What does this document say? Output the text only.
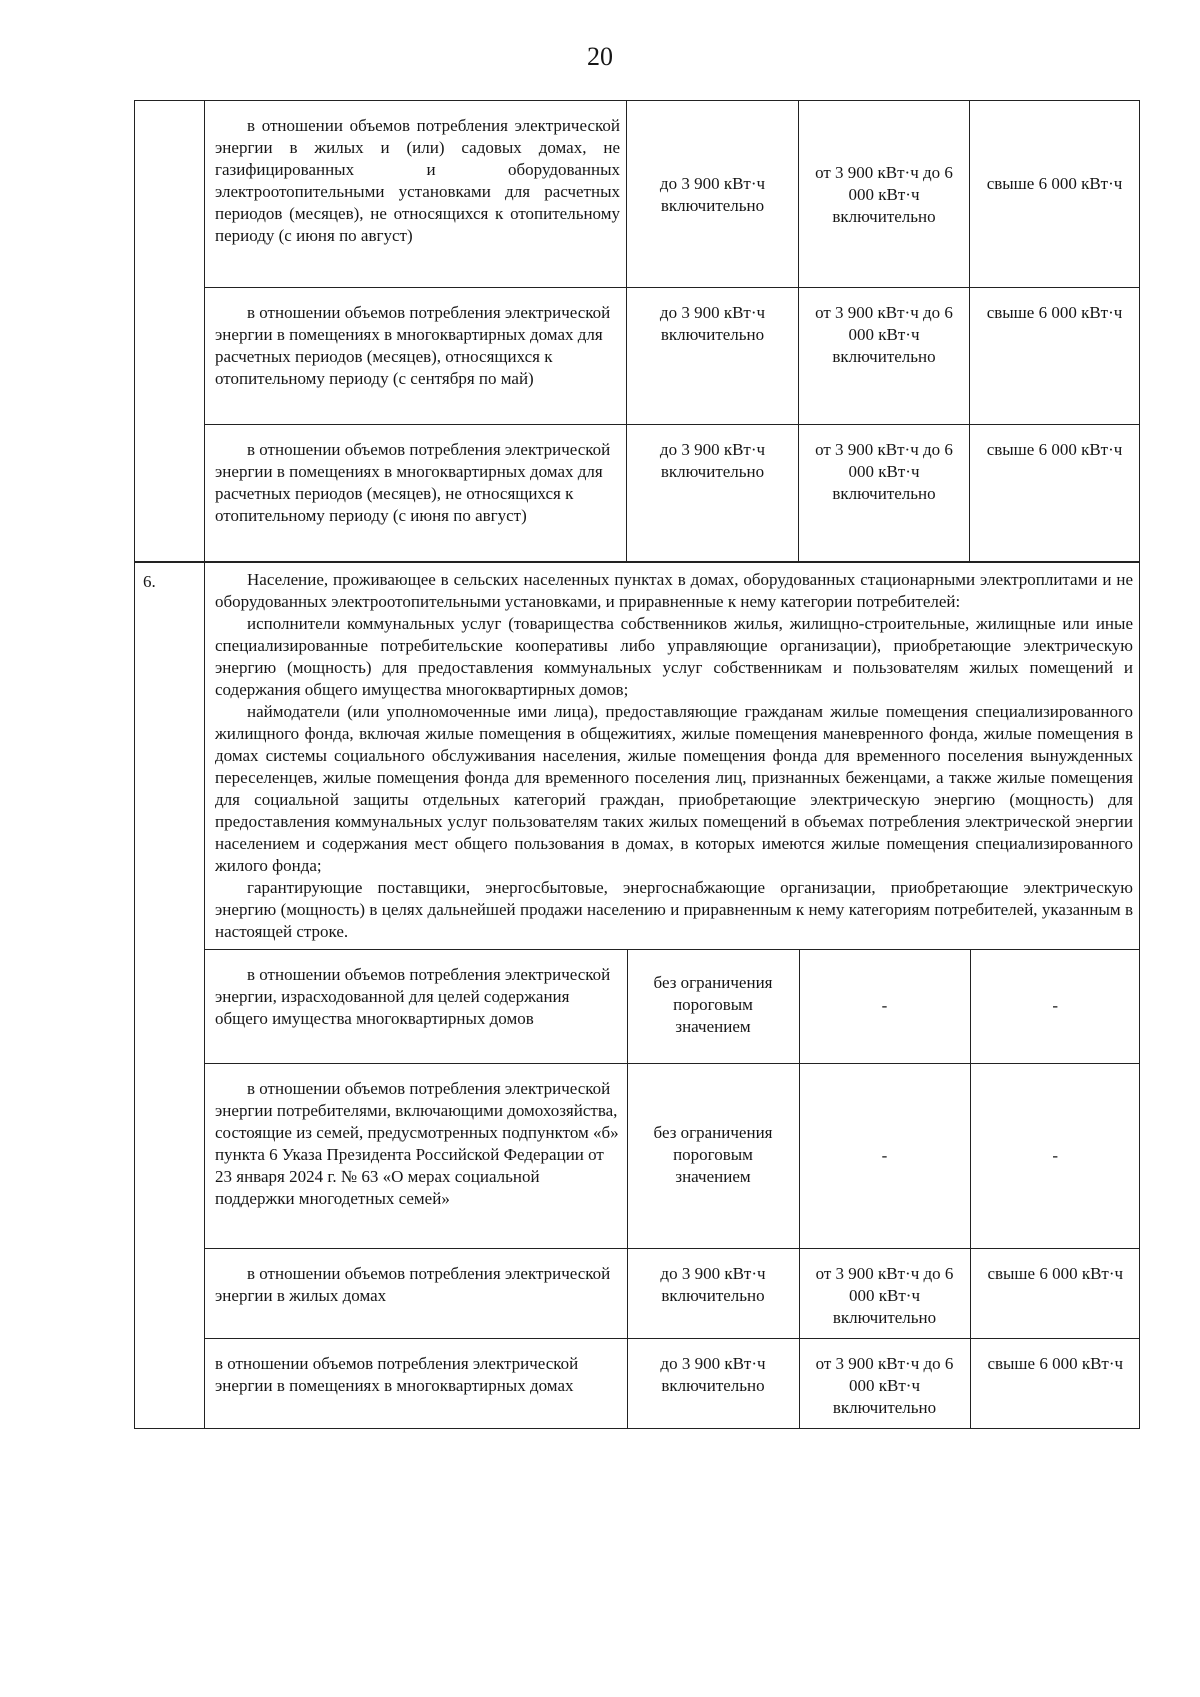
20
	в отношении объемов потребления электрической энергии в жилых и (или) садовых домах, не газифицированных и оборудованных электроотопительными установками для расчетных периодов (месяцев), не относящихся к отопительному периоду (с июня по август)	до 3 900 кВт·ч включительно	от 3 900 кВт·ч до 6 000 кВт·ч включительно	свыше 6 000 кВт·ч
	в отношении объемов потребления электрической энергии в помещениях в многоквартирных домах для расчетных периодов (месяцев), относящихся к отопительному периоду (с сентября по май)	до 3 900 кВт·ч включительно	от 3 900 кВт·ч до 6 000 кВт·ч включительно	свыше 6 000 кВт·ч
	в отношении объемов потребления электрической энергии в помещениях в многоквартирных домах для расчетных периодов (месяцев), не относящихся к отопительному периоду (с июня по август)	до 3 900 кВт·ч включительно	от 3 900 кВт·ч до 6 000 кВт·ч включительно	свыше 6 000 кВт·ч
6.	Население, проживающее в сельских населенных пунктах в домах, оборудованных стационарными электроплитами и не оборудованных электроотопительными установками, и приравненные к нему категории потребителей:

исполнители коммунальных услуг (товарищества собственников жилья, жилищно-строительные, жилищные или иные специализированные потребительские кооперативы либо управляющие организации), приобретающие электрическую энергию (мощность) для предоставления коммунальных услуг собственникам и пользователям жилых помещений и содержания общего имущества многоквартирных домов;

наймодатели (или уполномоченные ими лица), предоставляющие гражданам жилые помещения специализированного жилищного фонда, включая жилые помещения в общежитиях, жилые помещения маневренного фонда, жилые помещения в домах системы социального обслуживания населения, жилые помещения фонда для временного поселения вынужденных переселенцев, жилые помещения фонда для временного поселения лиц, признанных беженцами, а также жилые помещения для социальной защиты отдельных категорий граждан, приобретающие электрическую энергию (мощность) для предоставления коммунальных услуг пользователям таких жилых помещений в объемах потребления электрической энергии населением и содержания мест общего пользования в домах, в которых имеются жилые помещения специализированного жилого фонда;

гарантирующие поставщики, энергосбытовые, энергоснабжающие организации, приобретающие электрическую энергию (мощность) в целях дальнейшей продажи населению и приравненным к нему категориям потребителей, указанным в настоящей строке.

в отношении объемов потребления электрической энергии, израсходованной для целей содержания общего имущества многоквартирных домов	без ограничения пороговым значением	-	-
в отношении объемов потребления электрической энергии потребителями, включающими домохозяйства, состоящие из семей, предусмотренных подпунктом «б» пункта 6 Указа Президента Российской Федерации от 23 января 2024 г. № 63 «О мерах социальной поддержки многодетных семей»	без ограничения пороговым значением	-	-
в отношении объемов потребления электрической энергии в жилых домах	до 3 900 кВт·ч включительно	от 3 900 кВт·ч до 6 000 кВт·ч включительно	свыше 6 000 кВт·ч
в отношении объемов потребления электрической энергии в помещениях в многоквартирных домах	до 3 900 кВт·ч включительно	от 3 900 кВт·ч до 6 000 кВт·ч включительно	свыше 6 000 кВт·ч
